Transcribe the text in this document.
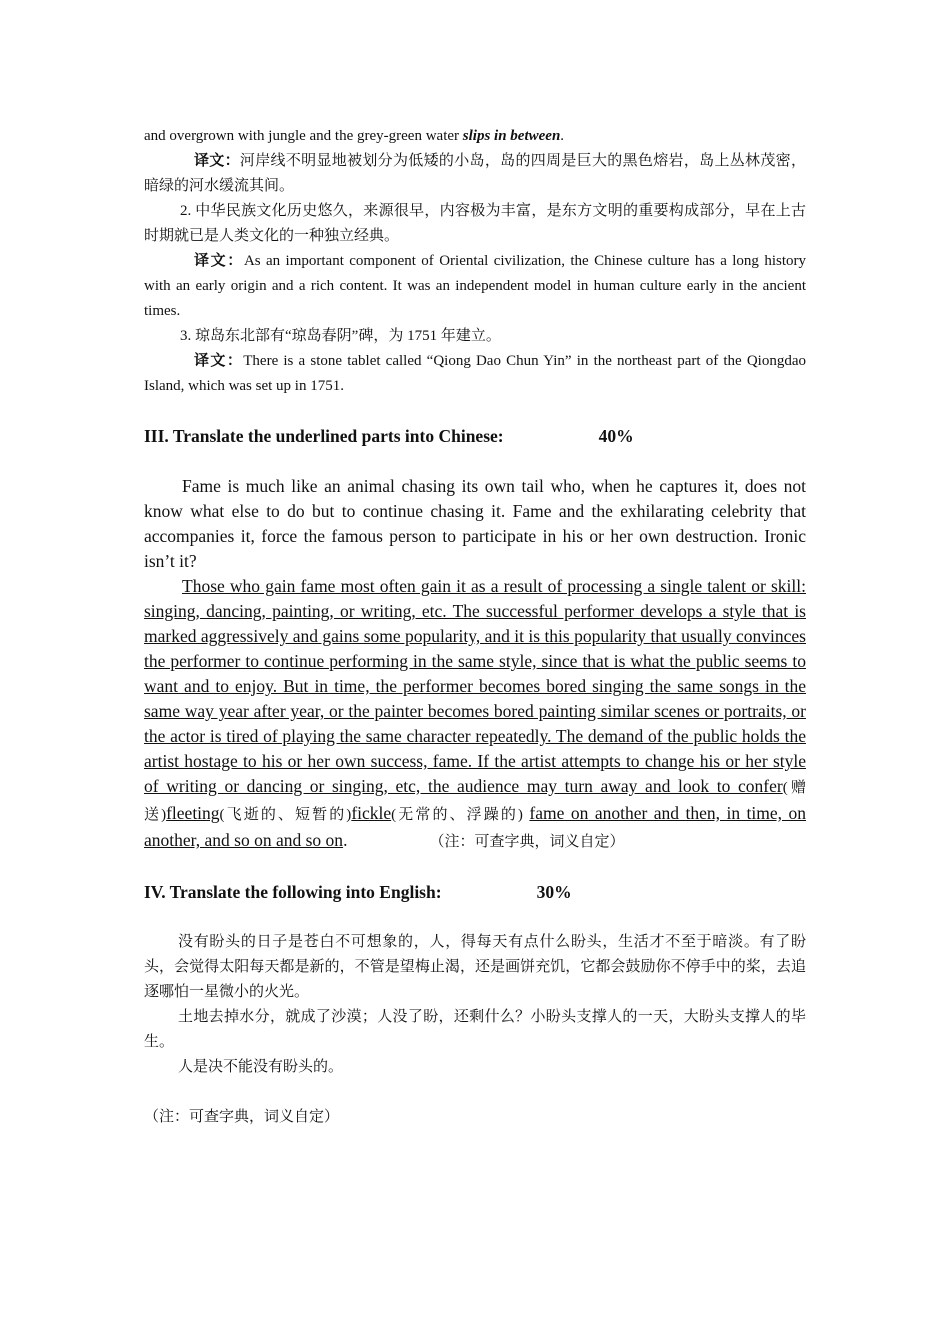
and overgrown with jungle and the grey-green water slips in between.

译文：河岸线不明显地被划分为低矮的小岛，岛的四周是巨大的黑色熔岩，岛上丛林茂密，暗绿的河水缓流其间。

2. 中华民族文化历史悠久，来源很早，内容极为丰富，是东方文明的重要构成部分，早在上古时期就已是人类文化的一种独立经典。

译文：As an important component of Oriental civilization, the Chinese culture has a long history with an early origin and a rich content. It was an independent model in human culture early in the ancient times.

3. 琼岛东北部有“琼岛春阴”碑，为 1751 年建立。

译文：There is a stone tablet called “Qiong Dao Chun Yin” in the northeast part of the Qiongdao Island, which was set up in 1751.

III. Translate the underlined parts into Chinese:	40%

Fame is much like an animal chasing its own tail who, when he captures it, does not know what else to do but to continue chasing it. Fame and the exhilarating celebrity that accompanies it, force the famous person to participate in his or her own destruction. Ironic isn’t it?

Those who gain fame most often gain it as a result of processing a single talent or skill: singing, dancing, painting, or writing, etc. The successful performer develops a style that is marked aggressively and gains some popularity, and it is this popularity that usually convinces the performer to continue performing in the same style, since that is what the public seems to want and to enjoy. But in time, the performer becomes bored singing the same songs in the same way year after year, or the painter becomes bored painting similar scenes or portraits, or the actor is tired of playing the same character repeatedly. The demand of the public holds the artist hostage to his or her own success, fame. If the artist attempts to change his or her style of writing or dancing or singing, etc, the audience may turn away and look to confer(赠送)fleeting(飞逝的、短暂的)fickle(无常的、浮躁的) fame on another and then, in time, on another, and so on and so on.	（注：可查字典，词义自定）

IV. Translate the following into English:	30%

没有盼头的日子是苍白不可想象的，人，得每天有点什么盼头，生活才不至于暗淡。有了盼头，会觉得太阳每天都是新的，不管是望梅止渴，还是画饼充饥，它都会鼓励你不停手中的桨，去追逐哪怕一星微小的火光。

土地去掉水分，就成了沙漠；人没了盼，还剩什么？小盼头支撑人的一天，大盼头支撑人的毕生。

人是决不能没有盼头的。

（注：可查字典，词义自定）
